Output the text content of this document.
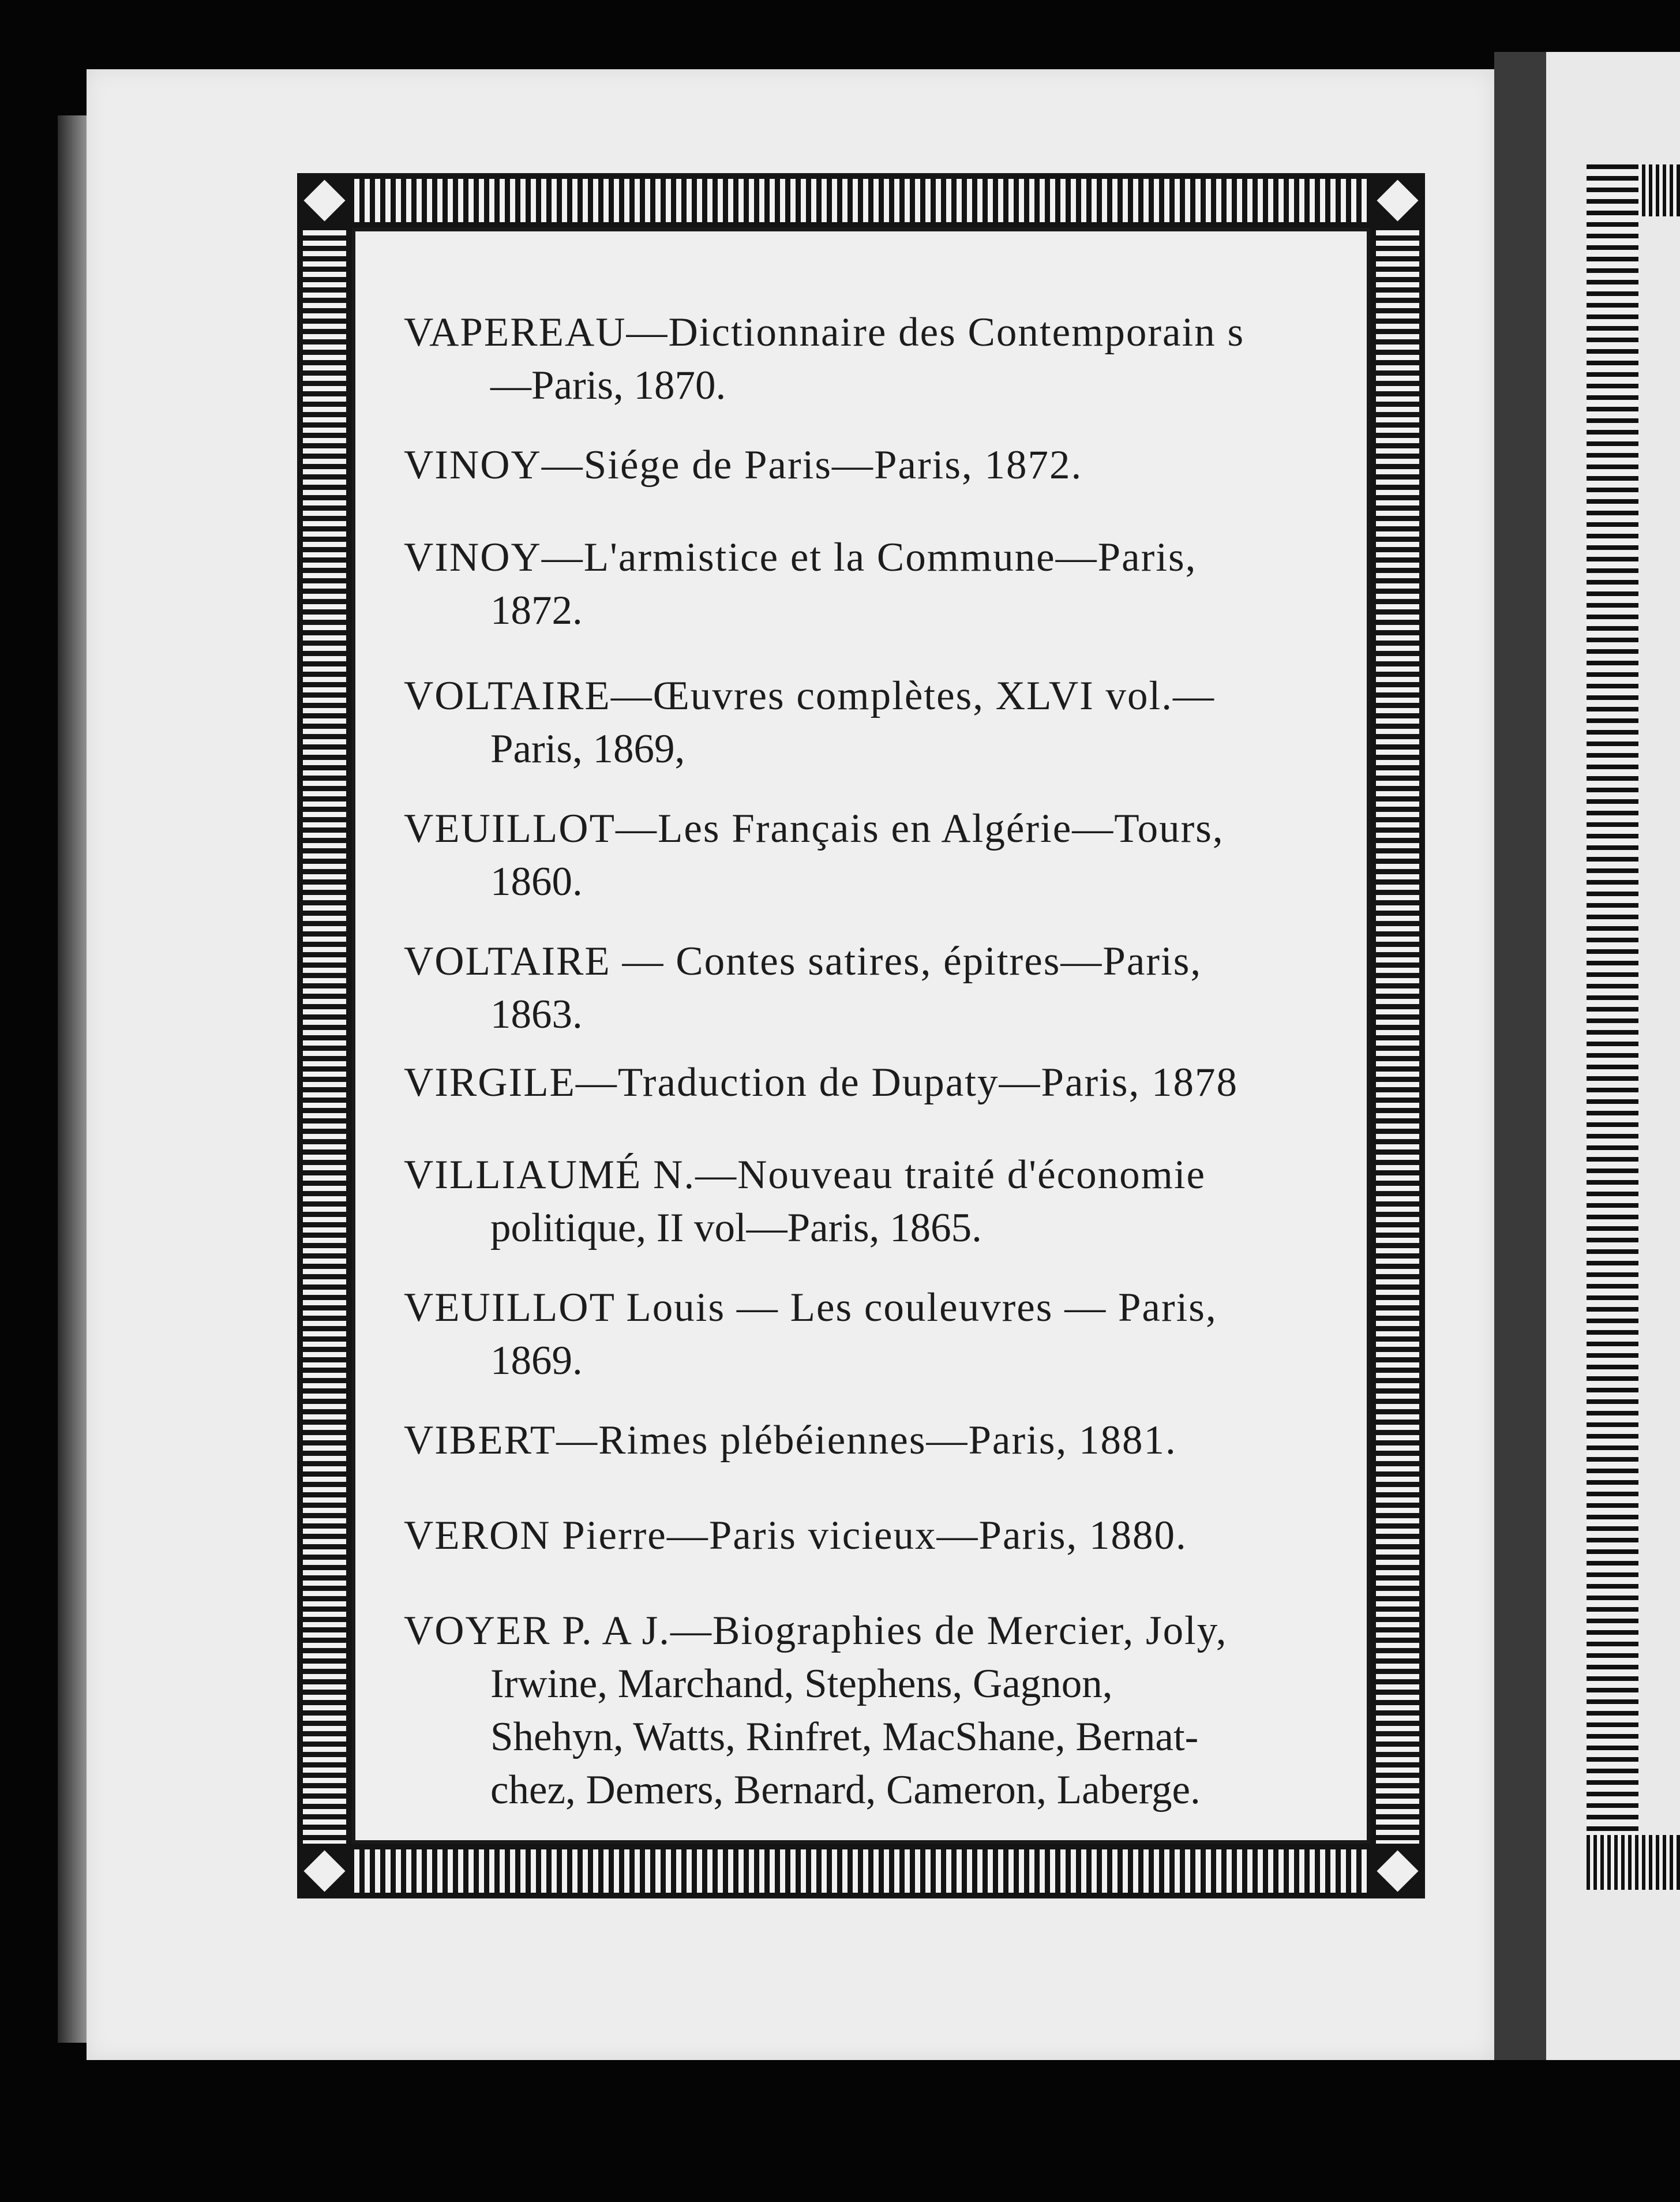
VAPEREAU—Dictionnaire des Contemporain s
—Paris, 1870.
VINOY—Siége de Paris—Paris, 1872.
VINOY—L'armistice et la Commune—Paris,
1872.
VOLTAIRE—Œuvres complètes, XLVI vol.—
Paris, 1869,
VEUILLOT—Les Français en Algérie—Tours,
1860.
VOLTAIRE — Contes satires, épitres—Paris,
1863.
VIRGILE—Traduction de Dupaty—Paris, 1878
VILLIAUMÉ N.—Nouveau traité d'économie
politique, II vol—Paris, 1865.
VEUILLOT Louis — Les couleuvres — Paris,
1869.
VIBERT—Rimes plébéiennes—Paris, 1881.
VERON Pierre—Paris vicieux—Paris, 1880.
VOYER P. A J.—Biographies de Mercier, Joly,
Irwine, Marchand, Stephens, Gagnon,
Shehyn, Watts, Rinfret, MacShane, Bernat-
chez, Demers, Bernard, Cameron, Laberge.
